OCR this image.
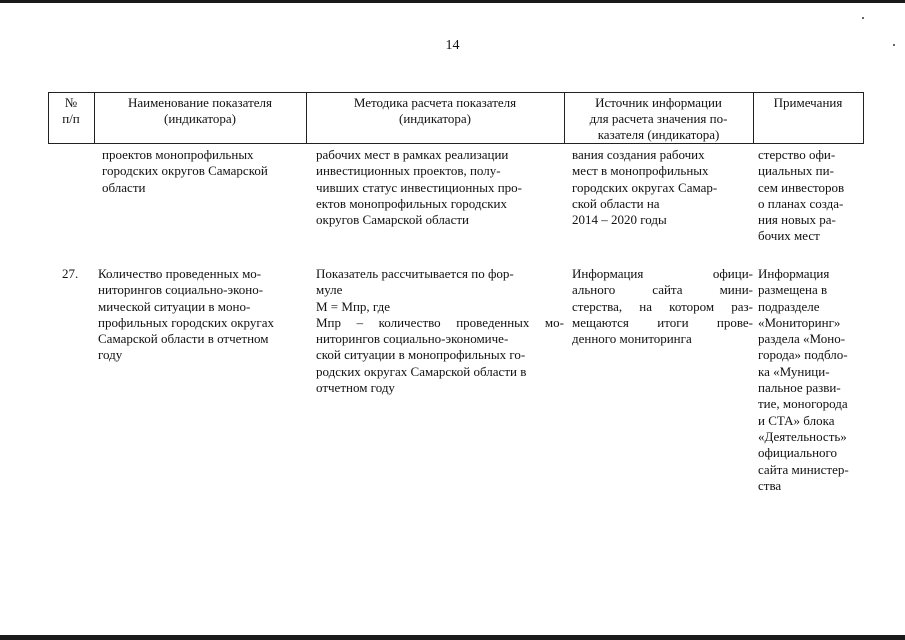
14
№
п/п
Наименование показателя
(индикатора)
Методика расчета показателя
(индикатора)
Источник информации
для расчета значения по-
казателя (индикатора)
Примечания
проектов монопрофильных
городских округов Самарской
области
рабочих мест в рамках реализации
инвестиционных проектов, полу-
чивших статус инвестиционных про-
ектов монопрофильных городских
округов Самарской области
вания создания рабочих
мест в монопрофильных
городских округах Самар-
ской области на
2014 – 2020 годы
стерство офи-
циальных пи-
сем инвесторов
о планах созда-
ния новых ра-
бочих мест
27.	Количество проведенных мо-
ниторингов социально-эконо-
мической ситуации в моно-
профильных городских округах
Самарской области в отчетном
году
Показатель рассчитывается по фор-
муле
М = Мпр, где
Мпр – количество проведенных мо-
ниторингов социально-экономиче-
ской ситуации в монопрофильных го-
родских округах Самарской области в
отчетном году
Информация офици-
ального сайта мини-
стерства, на котором раз-
мещаются итоги прове-
денного мониторинга
Информация
размещена в
подразделе
«Мониторинг»
раздела «Моно-
города» подбло-
ка «Муници-
пальное разви-
тие, моногорода
и СТА» блока
«Деятельность»
официального
сайта министер-
ства
